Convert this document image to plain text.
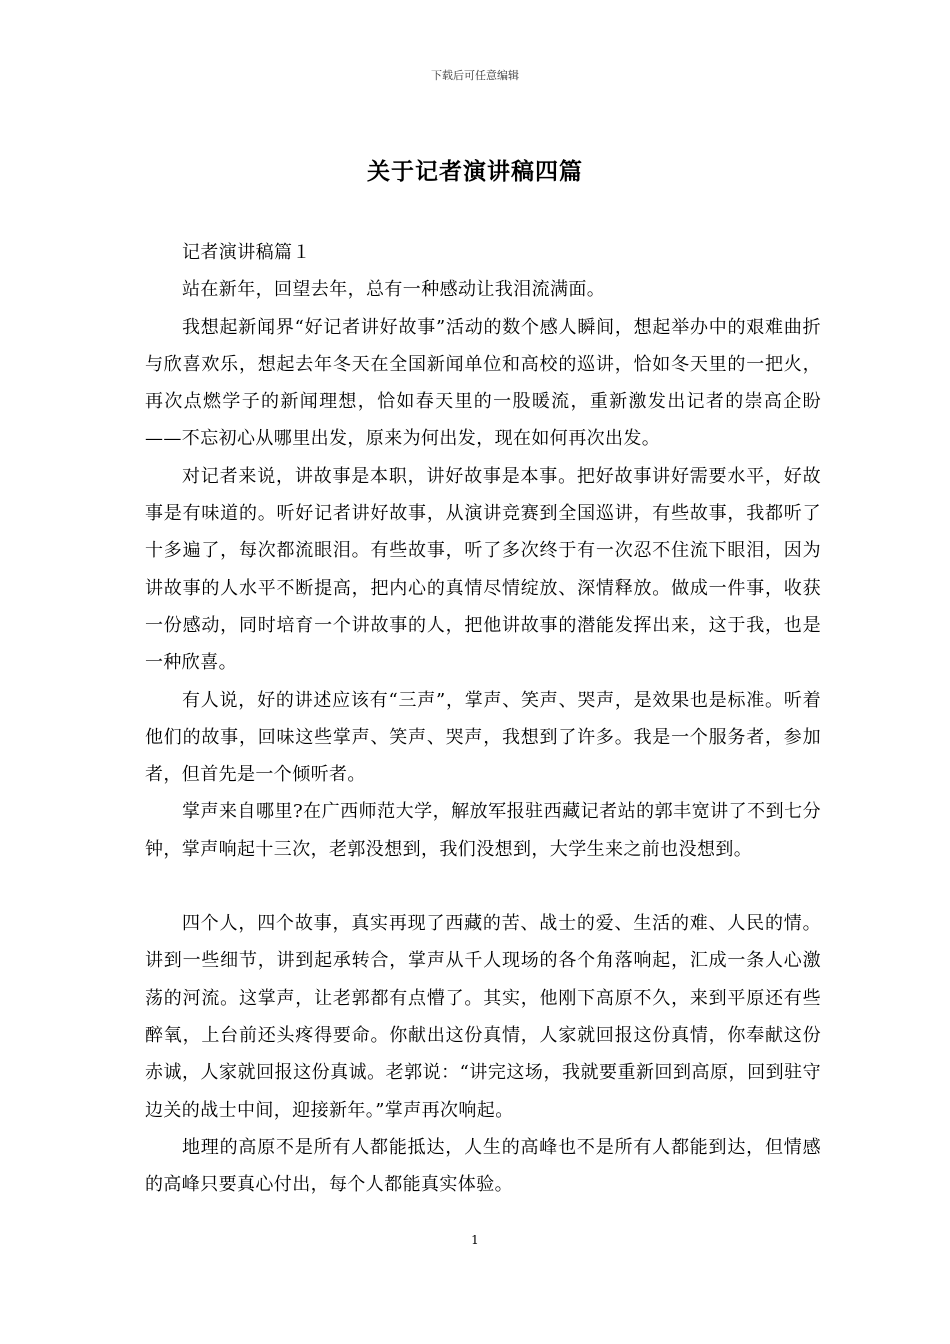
下载后可任意编辑
关于记者演讲稿四篇

记者演讲稿篇１

站在新年，回望去年，总有一种感动让我泪流满面。

我想起新闻界“好记者讲好故事”活动的数个感人瞬间，想起举办中的艰难曲折与欣喜欢乐，想起去年冬天在全国新闻单位和高校的巡讲，恰如冬天里的一把火，再次点燃学子的新闻理想，恰如春天里的一股暖流，重新激发出记者的崇高企盼——不忘初心从哪里出发，原来为何出发，现在如何再次出发。

对记者来说，讲故事是本职，讲好故事是本事。把好故事讲好需要水平，好故事是有味道的。听好记者讲好故事，从演讲竞赛到全国巡讲，有些故事，我都听了十多遍了，每次都流眼泪。有些故事，听了多次终于有一次忍不住流下眼泪，因为讲故事的人水平不断提高，把内心的真情尽情绽放、深情释放。做成一件事，收获一份感动，同时培育一个讲故事的人，把他讲故事的潜能发挥出来，这于我，也是一种欣喜。

有人说，好的讲述应该有“三声”，掌声、笑声、哭声，是效果也是标准。听着他们的故事，回味这些掌声、笑声、哭声，我想到了许多。我是一个服务者，参加者，但首先是一个倾听者。

掌声来自哪里?在广西师范大学，解放军报驻西藏记者站的郭丰宽讲了不到七分钟，掌声响起十三次，老郭没想到，我们没想到，大学生来之前也没想到。

四个人，四个故事，真实再现了西藏的苦、战士的爱、生活的难、人民的情。讲到一些细节，讲到起承转合，掌声从千人现场的各个角落响起，汇成一条人心激荡的河流。这掌声，让老郭都有点懵了。其实，他刚下高原不久，来到平原还有些醉氧，上台前还头疼得要命。你献出这份真情，人家就回报这份真情，你奉献这份赤诚，人家就回报这份真诚。老郭说：“讲完这场，我就要重新回到高原，回到驻守边关的战士中间，迎接新年。”掌声再次响起。

地理的高原不是所有人都能抵达，人生的高峰也不是所有人都能到达，但情感的高峰只要真心付出，每个人都能真实体验。

1
